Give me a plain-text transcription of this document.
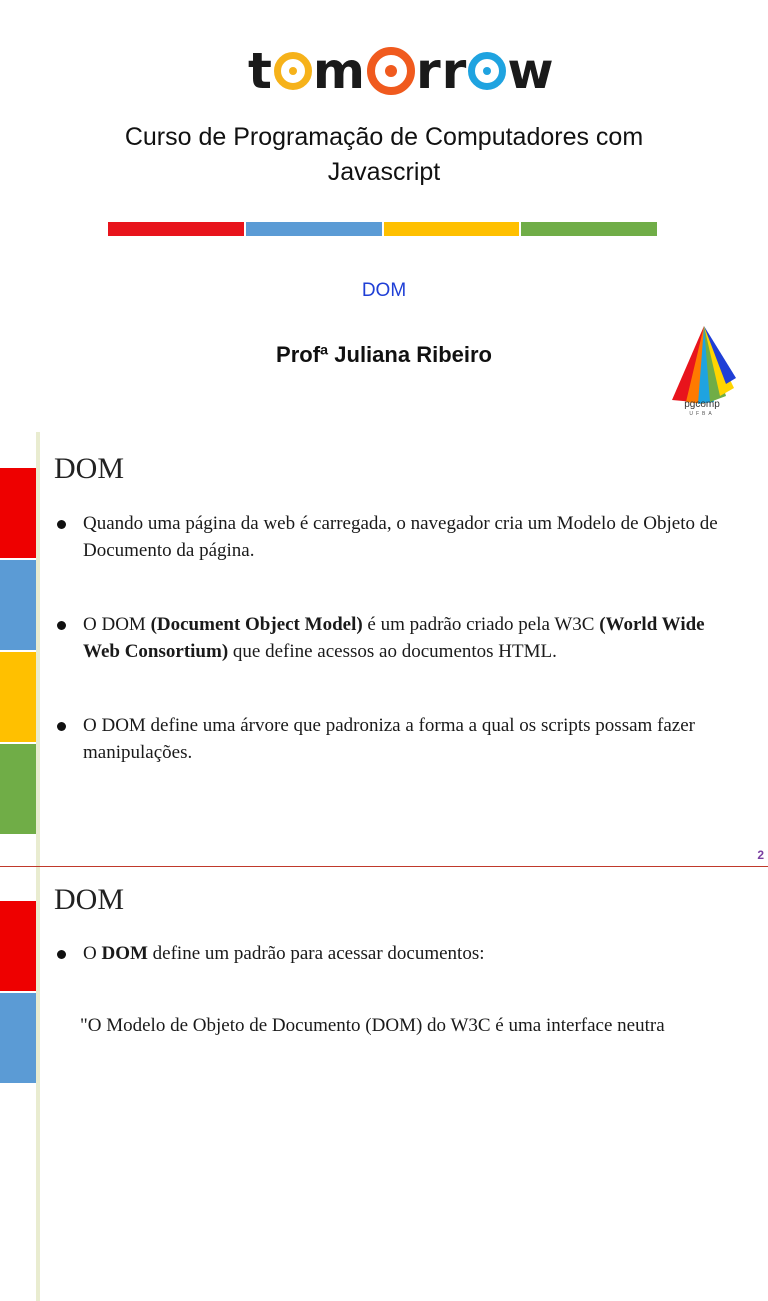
t m rr w
Curso de Programação de Computadores com
Javascript
DOM
Profª Juliana Ribeiro
pgcomp
UFBA
DOM
Quando uma página da web é carregada, o navegador cria um Modelo de Objeto de Documento da página.
O DOM (Document Object Model) é um padrão criado pela W3C (World Wide Web Consortium) que define acessos ao documentos HTML.
O DOM define uma árvore que padroniza a forma a qual os scripts possam fazer manipulações.
2
DOM
O DOM define um padrão para acessar documentos:
"O Modelo de Objeto de Documento (DOM) do W3C é uma interface neutra
